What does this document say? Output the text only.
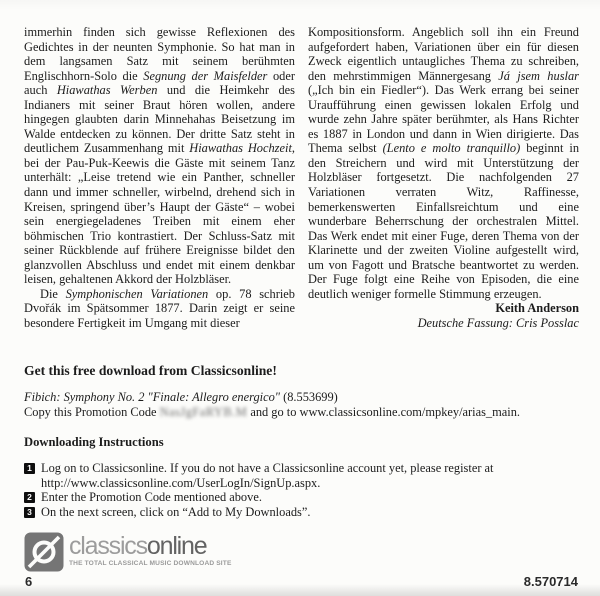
immerhin finden sich gewisse Reflexionen des Gedichtes in der neunten Symphonie. So hat man in dem langsamen Satz mit seinem berühmten Englischhorn-Solo die Segnung der Maisfelder oder auch Hiawathas Werben und die Heimkehr des Indianers mit seiner Braut hören wollen, andere hingegen glaubten darin Minnehahas Beisetzung im Walde entdecken zu können. Der dritte Satz steht in deutlichem Zusammenhang mit Hiawathas Hochzeit, bei der Pau-Puk-Keewis die Gäste mit seinem Tanz unterhält: „Leise tretend wie ein Panther, schneller dann und immer schneller, wirbelnd, drehend sich in Kreisen, springend über’s Haupt der Gäste“ – wobei sein energiegeladenes Treiben mit einem eher böhmischen Trio kontrastiert. Der Schluss-Satz mit seiner Rückblende auf frühere Ereignisse bildet den glanzvollen Abschluss und endet mit einem denkbar leisen, gehaltenen Akkord der Holzbläser.

Die Symphonischen Variationen op. 78 schrieb Dvořák im Spätsommer 1877. Darin zeigt er seine besondere Fertigkeit im Umgang mit dieser

Kompositionsform. Angeblich soll ihn ein Freund aufgefordert haben, Variationen über ein für diesen Zweck eigentlich untaugliches Thema zu schreiben, den mehrstimmigen Männergesang Já jsem huslar („Ich bin ein Fiedler“). Das Werk errang bei seiner Uraufführung einen gewissen lokalen Erfolg und wurde zehn Jahre später berühmter, als Hans Richter es 1887 in London und dann in Wien dirigierte. Das Thema selbst (Lento e molto tranquillo) beginnt in den Streichern und wird mit Unterstützung der Holzbläser fortgesetzt. Die nachfolgenden 27 Variationen verraten Witz, Raffinesse, bemerkenswerten Einfallsreichtum und eine wunderbare Beherrschung der orchestralen Mittel. Das Werk endet mit einer Fuge, deren Thema von der Klarinette und der zweiten Violine aufgestellt wird, um von Fagott und Bratsche beantwortet zu werden. Der Fuge folgt eine Reihe von Episoden, die eine deutlich weniger formelle Stimmung erzeugen.

Keith Anderson

Deutsche Fassung: Cris Posslac

Get this free download from Classicsonline!

Fibich: Symphony No. 2 "Finale: Allegro energico" (8.553699)

Copy this Promotion Code NasJgFaRYB.M and go to www.classicsonline.com/mpkey/arias_main.

Downloading Instructions
1 Log on to Classicsonline. If you do not have a Classicsonline account yet, please register at http://www.classicsonline.com/UserLogIn/SignUp.aspx.
2 Enter the Promotion Code mentioned above.
3 On the next screen, click on “Add to My Downloads”.
classicsonline
THE TOTAL CLASSICAL MUSIC DOWNLOAD SITE
6	8.570714
